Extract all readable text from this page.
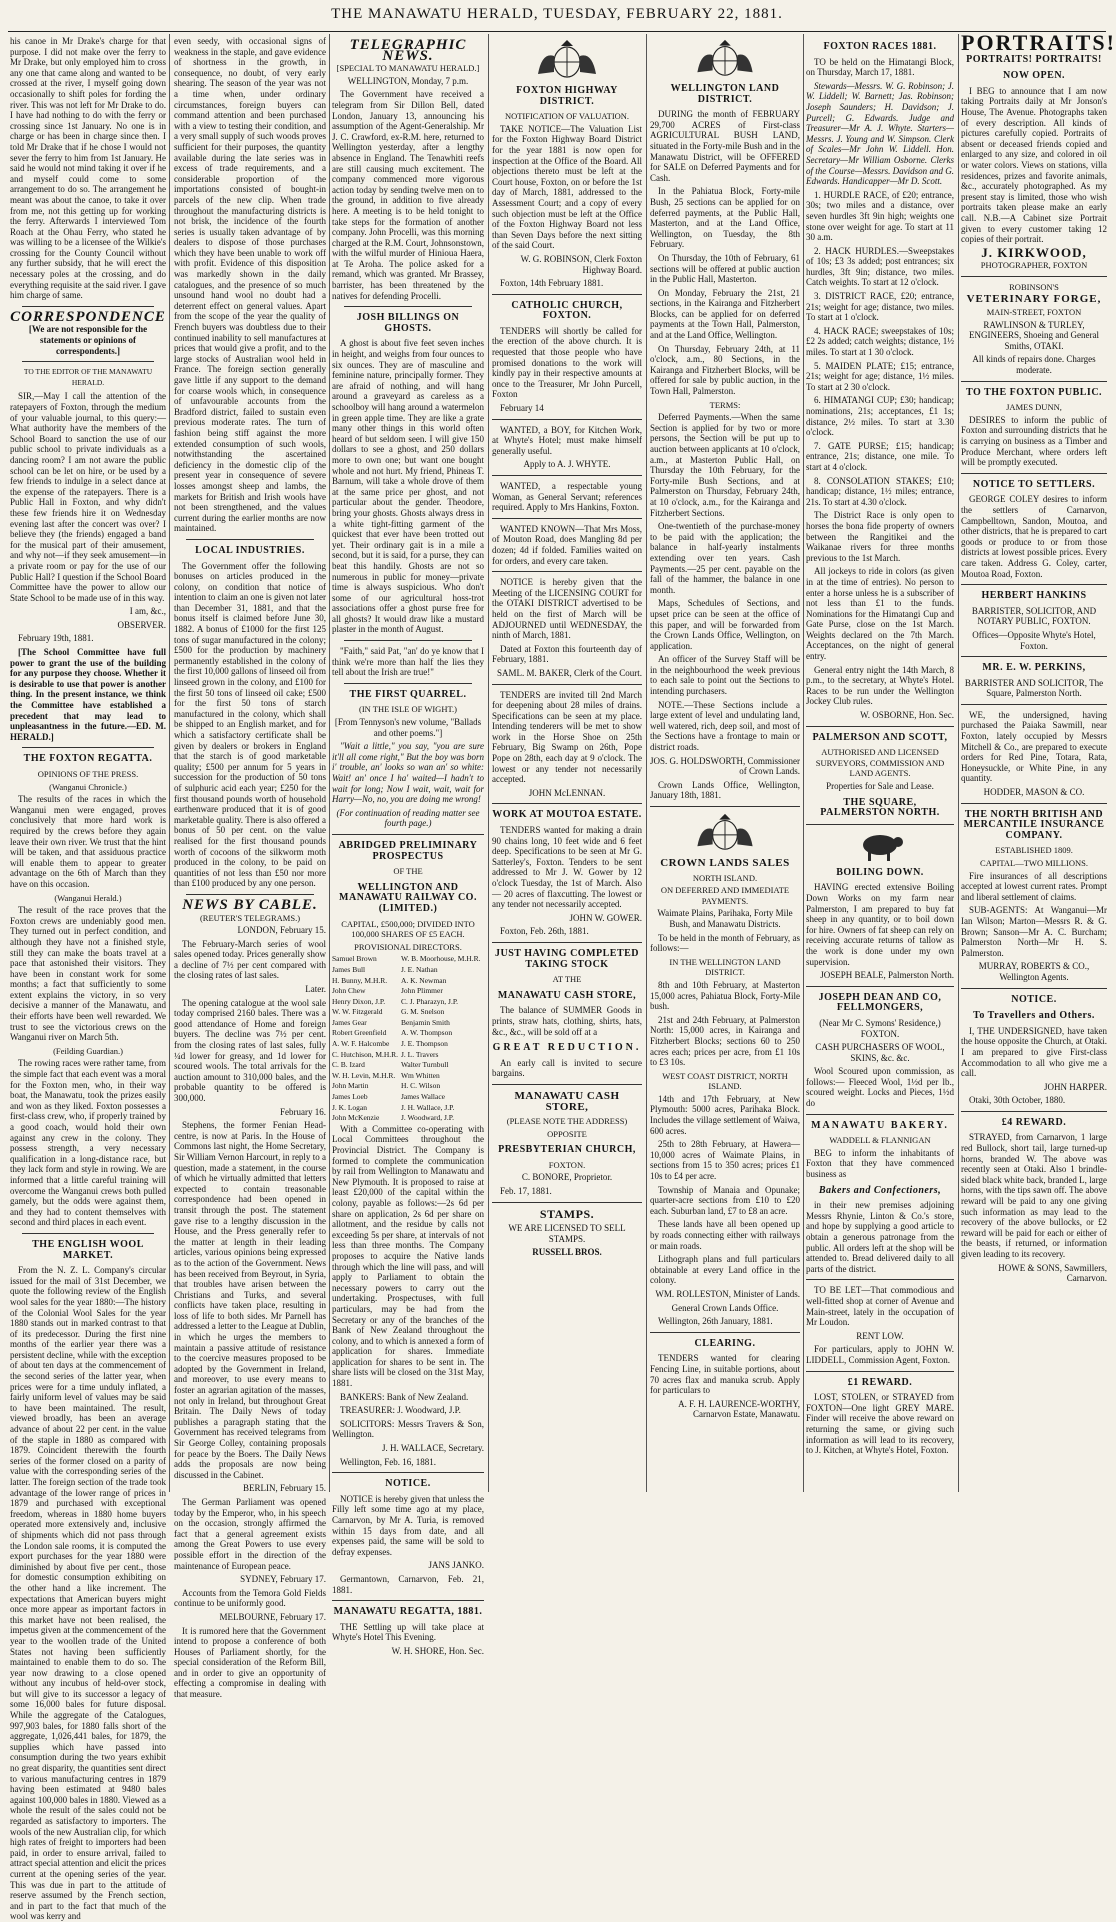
THE MANAWATU HERALD, TUESDAY, FEBRUARY 22, 1881.

his canoe in Mr Drake's charge for that purpose. I did not make over the ferry to Mr Drake, but only employed him to cross any one that came along and wanted to be crossed at the river, I myself going down occasionally to shift poles for fording the river. This was not left for Mr Drake to do. I have had nothing to do with the ferry or crossing since 1st January. No one is in charge or has been in charge since then. I told Mr Drake that if he chose I would not sever the ferry to him from 1st January. He said he would not mind taking it over if he and myself could come to some arrangement to do so. The arrangement he meant was about the canoe, to take it over from me, not this getting up for working the ferry. Afterwards I interviewed Tom Roach at the Ohau Ferry, who stated he was willing to be a licensee of the Wilkie's crossing for the County Council without any further subsidy, that he will erect the necessary poles at the crossing, and do everything requisite at the said river. I gave him charge of same.

CORRESPONDENCE

[We are not responsible for the statements or opinions of correspondents.]

TO THE EDITOR OF THE MANAWATU HERALD.

SIR,—May I call the attention of the ratepayers of Foxton, through the medium of your valuable journal, to this query:—What authority have the members of the School Board to sanction the use of our public school to private individuals as a dancing room? I am not aware the public school can be let on hire, or be used by a few friends to indulge in a select dance at the expense of the ratepayers. There is a Public Hall in Foxton, and why didn't these few friends hire it on Wednesday evening last after the concert was over? I believe they (the friends) engaged a band for the musical part of their amusement, and why not—if they seek amusement—in a private room or pay for the use of our Public Hall? I question if the School Board Committee have the power to allow our State School to be made use of in this way.

I am, &c.,

OBSERVER.

February 19th, 1881.

[The School Committee have full power to grant the use of the building for any purpose they choose. Whether it is desirable to use that power is another thing. In the present instance, we think the Committee have established a precedent that may lead to unpleasantness in the future.—ED. M. HERALD.]

THE FOXTON REGATTA.
OPINIONS OF THE PRESS.
(Wanganui Chronicle.)

The results of the races in which the Wanganui men were engaged, proves conclusively that more hard work is required by the crews before they again leave their own river. We trust that the hint will be taken, and that assiduous practice will enable them to appear to greater advantage on the 6th of March than they have on this occasion.

(Wanganui Herald.)

The result of the race proves that the Foxton crews are undeniably good men. They turned out in perfect condition, and although they have not a finished style, still they can make the boats travel at a pace that astonished their visitors. They have been in constant work for some months; a fact that sufficiently to some extent explains the victory, in so very decisive a manner of the Manawatu, and their efforts have been well rewarded. We trust to see the victorious crews on the Wanganui river on March 5th.

(Feilding Guardian.)

The rowing races were rather tame, from the simple fact that each event was a moral for the Foxton men, who, in their way boat, the Manawatu, took the prizes easily and won as they liked. Foxton possesses a first-class crew, who, if properly trained by a good coach, would hold their own against any crew in the colony. They possess strength, a very necessary qualification in a long-distance race, but they lack form and style in rowing. We are informed that a little careful training will overcome the Wanganui crews both pulled gamely, but the odds were against them, and they had to content themselves with second and third places in each event.

THE ENGLISH WOOL MARKET.

From the N. Z. L. Company's circular issued for the mail of 31st December, we quote the following review of the English wool sales for the year 1880:—The history of the Colonial Wool Sales for the year 1880 stands out in marked contrast to that of its predecessor. During the first nine months of the earlier year there was a persistent decline, while with the exception of about ten days at the commencement of the second series of the latter year, when prices were for a time unduly inflated, a fairly uniform level of values may be said to have been maintained. The result, viewed broadly, has been an average advance of about 22 per cent. in the value of the staple in 1880 as compared with 1879. Coincident therewith the fourth series of the former closed on a parity of value with the corresponding series of the latter. The foreign section of the trade took advantage of the lower range of prices in 1879 and purchased with exceptional freedom, whereas in 1880 home buyers operated more extensively and, inclusive of shipments which did not pass through the London sale rooms, it is computed the export purchases for the year 1880 were diminished by about five per cent., those for domestic consumption exhibiting on the other hand a like increment. The expectations that American buyers might once more appear as important factors in this market have not been realised, the impetus given at the commencement of the year to the woollen trade of the United States not having been sufficiently maintained to enable them to do so. The year now drawing to a close opened without any incubus of held-over stock, but will give to its successor a legacy of some 16,000 bales for future disposal. While the aggregate of the Catalogues, 997,903 bales, for 1880 falls short of the aggregate, 1,026,441 bales, for 1879, the supplies which have passed into consumption during the two years exhibit no great disparity, the quantities sent direct to various manufacturing centres in 1879 having been estimated at 9480 bales against 100,000 bales in 1880. Viewed as a whole the result of the sales could not be regarded as satisfactory to importers. The wools of the new Australian clip, for which high rates of freight to importers had been paid, in order to ensure arrival, failed to attract special attention and elicit the prices current at the opening series of the year. This was due in part to the attitude of reserve assumed by the French section, and in part to the fact that much of the wool was kerry and

even seedy, with occasional signs of weakness in the staple, and gave evidence of shortness in the growth, in consequence, no doubt, of very early shearing. The season of the year was not a time when, under ordinary circumstances, foreign buyers can command attention and been purchased with a view to testing their condition, and a very small supply of such woods proves sufficient for their purposes, the quantity available during the late series was in excess of trade requirements, and a considerable proportion of the importations consisted of bought-in parcels of the new clip. When trade throughout the manufacturing districts is not brisk, the incidence of the fourth series is usually taken advantage of by dealers to dispose of those purchases which they have been unable to work off with profit. Evidence of this disposition was markedly shown in the daily catalogues, and the presence of so much unsound hand wool no doubt had a deterrent effect on general values. Apart from the scope of the year the quality of French buyers was doubtless due to their continued inability to sell manufactures at prices that would give a profit, and to the large stocks of Australian wool held in France. The foreign section generally gave little if any support to the demand for coarse wools which, in consequence of unfavourable accounts from the Bradford district, failed to sustain even previous moderate rates. The turn of fashion being stiff against the more extended consumption of such wools, notwithstanding the ascertained deficiency in the domestic clip of the present year in consequence of severe losses amongst sheep and lambs, the markets for British and Irish wools have not been strengthened, and the values current during the earlier months are now maintained.

LOCAL INDUSTRIES.

The Government offer the following bonuses on articles produced in the colony, on condition that notice of intention to claim an one is given not later than December 31, 1881, and that the bonus itself is claimed before June 30, 1882. A bonus of £1000 for the first 125 tons of sugar manufactured in the colony; £500 for the production by machinery permanently established in the colony of the first 10,000 gallons of linseed oil from linseed grown in the colony, and £100 for the first 50 tons of linseed oil cake; £500 for the first 50 tons of starch manufactured in the colony, which shall be shipped to an English market, and for which a satisfactory certificate shall be given by dealers or brokers in England that the starch is of good marketable quality; £500 per annum for 5 years in succession for the production of 50 tons of sulphuric acid each year; £250 for the first thousand pounds worth of household earthenware produced that it is of good marketable quality. There is also offered a bonus of 50 per cent. on the value realised for the first thousand pounds worth of cocoons of the silkworm moth produced in the colony, to be paid on quantities of not less than £50 nor more than £100 produced by any one person.

NEWS BY CABLE.
(REUTER'S TELEGRAMS.)

LONDON, February 15.

The February-March series of wool sales opened today. Prices generally show a decline of 7½ per cent compared with the closing rates of last sales.

Later.

The opening catalogue at the wool sale today comprised 2160 bales. There was a good attendance of Home and foreign buyers. The decline was 7½ per cent. from the closing rates of last sales, fully ¼d lower for greasy, and 1d lower for scoured wools. The total arrivals for the auction amount to 310,000 bales, and the probable quantity to be offered is 300,000.

February 16.

Stephens, the former Fenian Head-centre, is now at Paris. In the House of Commons last night, the Home Secretary, Sir William Vernon Harcourt, in reply to a question, made a statement, in the course of which he virtually admitted that letters expected to contain treasonable correspondence had been opened in transit through the post. The statement gave rise to a lengthy discussion in the House, and the Press generally refer to the matter at length in their leading articles, various opinions being expressed as to the action of the Government. News has been received from Beyrout, in Syria, that troubles have arisen between the Christians and Turks, and several conflicts have taken place, resulting in loss of life to both sides. Mr Parnell has addressed a letter to the League at Dublin, in which he urges the members to maintain a passive attitude of resistance to the coercive measures proposed to be adopted by the Government in Ireland, and moreover, to use every means to foster an agrarian agitation of the masses, not only in Ireland, but throughout Great Britain. The Daily News of today publishes a paragraph stating that the Government has received telegrams from Sir George Colley, containing proposals for peace by the Boers. The Daily News adds the proposals are now being discussed in the Cabinet.

BERLIN, February 15.

The German Parliament was opened today by the Emperor, who, in his speech on the occasion, strongly affirmed the fact that a general agreement exists among the Great Powers to use every possible effort in the direction of the maintenance of European peace.

SYDNEY, February 17.

Accounts from the Temora Gold Fields continue to be uniformly good.

MELBOURNE, February 17.

It is rumored here that the Government intend to propose a conference of both Houses of Parliament shortly, for the special consideration of the Reform Bill, and in order to give an opportunity of effecting a compromise in dealing with that measure.

TELEGRAPHIC NEWS.
[SPECIAL TO MANAWATU HERALD.]

WELLINGTON, Monday, 7 p.m.

The Government have received a telegram from Sir Dillon Bell, dated London, January 13, announcing his assumption of the Agent-Generalship. Mr J. C. Crawford, ex-R.M. here, returned to Wellington yesterday, after a lengthy absence in England. The Tenawhiti reefs are still causing much excitement. The company commenced more vigorous action today by sending twelve men on to the ground, in addition to five already here. A meeting is to be held tonight to take steps for the formation of another company. John Procelli, was this morning charged at the R.M. Court, Johnsonstown, with the wilful murder of Hinioua Haera, at Te Aroha. The police asked for a remand, which was granted. Mr Brassey, barrister, has been threatened by the natives for defending Procelli.

JOSH BILLINGS ON GHOSTS.

A ghost is about five feet seven inches in height, and weighs from four ounces to six ounces. They are of masculine and feminine nature, principally former. They are afraid of nothing, and will hang around a graveyard as careless as a schoolboy will hang around a watermelon in green apple time. They are like a grate many other things in this world often heard of but seldom seen. I will give 150 dollars to see a ghost, and 250 dollars more to own one; but want one bought whole and not hurt. My friend, Phineas T. Barnum, will take a whole drove of them at the same price per ghost, and not particular about the gender. Theodore, bring your ghosts. Ghosts always dress in a white tight-fitting garment of the quickest that ever have been trotted out yet. Their ordinary gait is in a mile a second, but it is said, for a purse, they can beat this handily. Ghosts are not so numerous in public for money—private time is always suspicious. Who don't some of our agricultural hoss-trot associations offer a ghost purse free for all ghosts? It would draw like a mustard plaster in the month of August.

"Faith," said Pat, "an' do ye know that I think we're more than half the lies they tell about the Irish are true!"

THE FIRST QUARREL.
(IN THE ISLE OF WIGHT.)

[From Tennyson's new volume, "Ballads and other poems."]

"Wait a little," you say, "you are sure it'll all come right," But the boy was born i' trouble, an' looks so wan an' so white: Wait! an' once I ha' waited—I hadn't to wait for long; Now I wait, wait, wait for Harry—No, no, you are doing me wrong!

(For continuation of reading matter see fourth page.)

ABRIDGED PRELIMINARY PROSPECTUS
OF THE
WELLINGTON AND MANAWATU RAILWAY CO. (LIMITED.)
CAPITAL, £500,000; DIVIDED INTO 100,000 SHARES OF £5 EACH.
PROVISIONAL DIRECTORS.
Samuel Brown	W. B. Moorhouse, M.H.R.
James Bull	J. E. Nathan
H. Bunny, M.H.R.	A. K. Newman
John Chew	John Plimmer
Henry Dixon, J.P.	C. J. Pharazyn, J.P.
W. W. Fitzgerald	G. M. Snelson
James Gear	Benjamin Smith
Robert Greenfield	A. W. Thompson
A. W. F. Halcombe	J. E. Thompson
C. Hutchison, M.H.R.	J. L. Travers
C. B. Izard	Walter Turnbull
W. H. Levin, M.H.R.	Wm Whitten
John Martin	H. C. Wilson
James Loeb	James Wallace
J. K. Logan	J. H. Wallace, J.P.
John McKenzie	J. Woodward, J.P.

With a Committee co-operating with Local Committees throughout the Provincial District. The Company is formed to complete the communication by rail from Wellington to Manawatu and New Plymouth. It is proposed to raise at least £20,000 of the capital within the colony, payable as follows:—2s 6d per share on application, 2s 6d per share on allotment, and the residue by calls not exceeding 5s per share, at intervals of not less than three months. The Company proposes to acquire the Native lands through which the line will pass, and will apply to Parliament to obtain the necessary powers to carry out the undertaking. Prospectuses, with full particulars, may be had from the Secretary or any of the branches of the Bank of New Zealand throughout the colony, and to which is annexed a form of application for shares. Immediate application for shares to be sent in. The share lists will be closed on the 31st May, 1881.

BANKERS: Bank of New Zealand.

TREASURER: J. Woodward, J.P.

SOLICITORS: Messrs Travers & Son, Wellington.

J. H. WALLACE, Secretary.

Wellington, Feb. 16, 1881.

NOTICE.

NOTICE is hereby given that unless the Filly left some time ago at my place, Carnarvon, by Mr A. Turia, is removed within 15 days from date, and all expenses paid, the same will be sold to defray expenses.

JANS JANKO.

Germantown, Carnarvon, Feb. 21, 1881.

MANAWATU REGATTA, 1881.

THE Settling up will take place at Whyte's Hotel This Evening.

W. H. SHORE, Hon. Sec.

FOXTON HIGHWAY DISTRICT.
NOTIFICATION OF VALUATION.

TAKE NOTICE—The Valuation List for the Foxton Highway Board District for the year 1881 is now open for inspection at the Office of the Board. All objections thereto must be left at the Court house, Foxton, on or before the 1st day of March, 1881, addressed to the Assessment Court; and a copy of every such objection must be left at the Office of the Foxton Highway Board not less than Seven Days before the next sitting of the said Court.

W. G. ROBINSON, Clerk Foxton Highway Board.

Foxton, 14th February 1881.

CATHOLIC CHURCH, FOXTON.

TENDERS will shortly be called for the erection of the above church. It is requested that those people who have promised donations to the work will kindly pay in their respective amounts at once to the Treasurer, Mr John Purcell, Foxton

February 14

WANTED, a BOY, for Kitchen Work, at Whyte's Hotel; must make himself generally useful.

Apply to A. J. WHYTE.

WANTED, a respectable young Woman, as General Servant; references required. Apply to Mrs Hankins, Foxton.

WANTED KNOWN—That Mrs Moss, of Mouton Road, does Mangling 8d per dozen; 4d if folded. Families waited on for orders, and every care taken.

NOTICE is hereby given that the Meeting of the LICENSING COURT for the OTAKI DISTRICT advertised to be held on the first of March will be ADJOURNED until WEDNESDAY, the ninth of March, 1881.

Dated at Foxton this fourteenth day of February, 1881.

SAML. M. BAKER, Clerk of the Court.

TENDERS are invited till 2nd March for deepening about 28 miles of drains. Specifications can be seen at my place. Intending tenderers will be met to show work in the Horse Shoe on 25th February, Big Swamp on 26th, Pope Pope on 28th, each day at 9 o'clock. The lowest or any tender not necessarily accepted.

JOHN McLENNAN.

WORK AT MOUTOA ESTATE.

TENDERS wanted for making a drain 90 chains long, 10 feet wide and 6 feet deep. Specifications to be seen at Mr G. Satterley's, Foxton. Tenders to be sent addressed to Mr J. W. Gower by 12 o'clock Tuesday, the 1st of March. Also— 20 acres of flaxcutting. The lowest or any tender not necessarily accepted.

JOHN W. GOWER.

Foxton, Feb. 26th, 1881.

JUST HAVING COMPLETED TAKING STOCK
AT THE
MANAWATU CASH STORE,

The balance of SUMMER Goods in prints, straw hats, clothing, shirts, hats, &c., &c., will be sold off at a

GREAT REDUCTION.

An early call is invited to secure bargains.

MANAWATU CASH STORE,
(PLEASE NOTE THE ADDRESS)
OPPOSITE
PRESBYTERIAN CHURCH,
FOXTON.

C. BONORE, Proprietor.

Feb. 17, 1881.

STAMPS.

WE ARE LICENSED TO SELL STAMPS.

RUSSELL BROS.

WELLINGTON LAND DISTRICT.

DURING the month of FEBRUARY 29,700 ACRES of First-class AGRICULTURAL BUSH LAND, situated in the Forty-mile Bush and in the Manawatu District, will be OFFERED for SALE on Deferred Payments and for Cash.

In the Pahiatua Block, Forty-mile Bush, 25 sections can be applied for on deferred payments, at the Public Hall, Masterton, and at the Land Office, Wellington, on Tuesday, the 8th February.

On Thursday, the 10th of February, 61 sections will be offered at public auction in the Public Hall, Masterton.

On Monday, February the 21st, 21 sections, in the Kairanga and Fitzherbert Blocks, can be applied for on deferred payments at the Town Hall, Palmerston, and at the Land Office, Wellington.

On Thursday, February 24th, at 11 o'clock, a.m., 80 Sections, in the Kairanga and Fitzherbert Blocks, will be offered for sale by public auction, in the Town Hall, Palmerston.

TERMS:

Deferred Payments.—When the same Section is applied for by two or more persons, the Section will be put up to auction between applicants at 10 o'clock, a.m., at Masterton Public Hall, on Thursday the 10th February, for the Forty-mile Bush Sections, and at Palmerston on Thursday, February 24th, at 10 o'clock, a.m., for the Kairanga and Fitzherbert Sections.

One-twentieth of the purchase-money to be paid with the application; the balance in half-yearly instalments extending over ten years. Cash Payments.—25 per cent. payable on the fall of the hammer, the balance in one month.

Maps, Schedules of Sections, and upset price can be seen at the office of this paper, and will be forwarded from the Crown Lands Office, Wellington, on application.

An officer of the Survey Staff will be in the neighbourhood the week previous to each sale to point out the Sections to intending purchasers.

NOTE.—These Sections include a large extent of level and undulating land, well watered, rich, deep soil, and most of the Sections have a frontage to main or district roads.

JOS. G. HOLDSWORTH, Commissioner of Crown Lands.

Crown Lands Office, Wellington, January 18th, 1881.

CROWN LANDS SALES
NORTH ISLAND.
ON DEFERRED AND IMMEDIATE PAYMENTS.

Waimate Plains, Parihaka, Forty Mile Bush, and Manawatu Districts.

To be held in the month of February, as follows:—

IN THE WELLINGTON LAND DISTRICT.

8th and 10th February, at Masterton 15,000 acres, Pahiatua Block, Forty-Mile bush.

21st and 24th February, at Palmerston North: 15,000 acres, in Kairanga and Fitzherbert Blocks; sections 60 to 250 acres each; prices per acre, from £1 10s to £3 10s.

WEST COAST DISTRICT, NORTH ISLAND.

14th and 17th February, at New Plymouth: 5000 acres, Parihaka Block. Includes the village settlement of Waiwa, 600 acres.

25th to 28th February, at Hawera—10,000 acres of Waimate Plains, in sections from 15 to 350 acres; prices £1 10s to £4 per acre.

Township of Manaia and Opunake; quarter-acre sections from £10 to £20 each. Suburban land, £7 to £8 an acre.

These lands have all been opened up by roads connecting either with railways or main roads.

Lithograph plans and full particulars obtainable at every Land office in the colony.

WM. ROLLESTON, Minister of Lands.

General Crown Lands Office.

Wellington, 26th January, 1881.

CLEARING.

TENDERS wanted for clearing Fencing Line, in suitable portions, about 70 acres flax and manuka scrub. Apply for particulars to

A. F. H. LAURENCE-WORTHY, Carnarvon Estate, Manawatu.

FOXTON RACES 1881.

TO be held on the Himatangi Block, on Thursday, March 17, 1881.

Stewards—Messrs. W. G. Robinson; J. W. Liddell; W. Barnett; Jas. Robinson; Joseph Saunders; H. Davidson; J. Purcell; G. Edwards. Judge and Treasurer—Mr A. J. Whyte. Starters—Messrs. J. Young and W. Simpson. Clerk of Scales—Mr John W. Liddell. Hon. Secretary—Mr William Osborne. Clerks of the Course—Messrs. Davidson and G. Edwards. Handicapper—Mr D. Scott.

1. HURDLE RACE, of £20; entrance, 30s; two miles and a distance, over seven hurdles 3ft 9in high; weights one stone over weight for age. To start at 11 30 a.m.

2. HACK HURDLES.—Sweepstakes of 10s; £3 3s added; post entrances; six hurdles, 3ft 9in; distance, two miles. Catch weights. To start at 12 o'clock.

3. DISTRICT RACE, £20; entrance, 21s; weight for age; distance, two miles. To start at 1 o'clock.

4. HACK RACE; sweepstakes of 10s; £2 2s added; catch weights; distance, 1½ miles. To start at 1 30 o'clock.

5. MAIDEN PLATE; £15; entrance, 21s; weight for age; distance, 1½ miles. To start at 2 30 o'clock.

6. HIMATANGI CUP; £30; handicap; nominations, 21s; acceptances, £1 1s; distance, 2½ miles. To start at 3.30 o'clock.

7. GATE PURSE; £15; handicap; entrance, 21s; distance, one mile. To start at 4 o'clock.

8. CONSOLATION STAKES; £10; handicap; distance, 1½ miles; entrance, 21s. To start at 4.30 o'clock.

The District Race is only open to horses the bona fide property of owners between the Rangitikei and the Waikanae rivers for three months previous to the 1st March.

All jockeys to ride in colors (as given in at the time of entries). No person to enter a horse unless he is a subscriber of not less than £1 to the funds. Nominations for the Himatangi Cup and Gate Purse, close on the 1st March. Weights declared on the 7th March. Acceptances, on the night of general entry.

General entry night the 14th March, 8 p.m., to the secretary, at Whyte's Hotel. Races to be run under the Wellington Jockey Club rules.

W. OSBORNE, Hon. Sec.

PALMERSON AND SCOTT,
AUTHORISED AND LICENSED SURVEYORS, COMMISSION AND LAND AGENTS.

Properties for Sale and Lease.

THE SQUARE, PALMERSTON NORTH.
BOILING DOWN.

HAVING erected extensive Boiling Down Works on my farm near Palmerston, I am prepared to buy fat sheep in any quantity, or to boil down for hire. Owners of fat sheep can rely on receiving accurate returns of tallow as the work is done under my own supervision.

JOSEPH BEALE, Palmerston North.

JOSEPH DEAN AND CO, FELLMONGERS,

(Near Mr C. Symons' Residence,) FOXTON.

CASH PURCHASERS OF WOOL, SKINS, &c. &c.

Wool Scoured upon commission, as follows:— Fleeced Wool, 1½d per lb., scoured weight. Locks and Pieces, 1½d do

MANAWATU BAKERY.
WADDELL & FLANNIGAN

BEG to inform the inhabitants of Foxton that they have commenced business as

Bakers and Confectioners,

in their new premises adjoining Messrs Rhynie, Linton & Co.'s store, and hope by supplying a good article to obtain a generous patronage from the public. All orders left at the shop will be attended to. Bread delivered daily to all parts of the district.

TO BE LET—That commodious and well-fitted shop at corner of Avenue and Main-street, lately in the occupation of Mr Loudon.

RENT LOW.

For particulars, apply to JOHN W. LIDDELL, Commission Agent, Foxton.

£1 REWARD.

LOST, STOLEN, or STRAYED from FOXTON—One light GREY MARE. Finder will receive the above reward on returning the same, or giving such information as will lead to its recovery, to J. Kitchen, at Whyte's Hotel, Foxton.

PORTRAITS!
PORTRAITS! PORTRAITS!
NOW OPEN.

I BEG to announce that I am now taking Portraits daily at Mr Jonson's House, The Avenue. Photographs taken of every description. All kinds of pictures carefully copied. Portraits of absent or deceased friends copied and enlarged to any size, and colored in oil or water colors. Views on stations, villa residences, prizes and favorite animals, &c., accurately photographed. As my present stay is limited, those who wish portraits taken please make an early call. N.B.—A Cabinet size Portrait given to every customer taking 12 copies of their portrait.

J. KIRKWOOD,
PHOTOGRAPHER, FOXTON
ROBINSON'S
VETERINARY FORGE,
MAIN-STREET, FOXTON

RAWLINSON & TURLEY, ENGINEERS, Shoeing and General Smiths, OTAKI.

All kinds of repairs done. Charges moderate.

TO THE FOXTON PUBLIC.
JAMES DUNN,

DESIRES to inform the public of Foxton and surrounding districts that he is carrying on business as a Timber and Produce Merchant, where orders left will be promptly executed.

NOTICE TO SETTLERS.

GEORGE COLEY desires to inform the settlers of Carnarvon, Campbelltown, Sandon, Moutoa, and other districts, that he is prepared to cart goods or produce to or from those districts at lowest possible prices. Every care taken. Address G. Coley, carter, Moutoa Road, Foxton.

HERBERT HANKINS

BARRISTER, SOLICITOR, AND NOTARY PUBLIC, FOXTON.

Offices—Opposite Whyte's Hotel, Foxton.

MR. E. W. PERKINS,

BARRISTER AND SOLICITOR, The Square, Palmerston North.

WE, the undersigned, having purchased the Paiaka Sawmill, near Foxton, lately occupied by Messrs Mitchell & Co., are prepared to execute orders for Red Pine, Totara, Rata, Honeysuckle, or White Pine, in any quantity.

HODDER, MASON & CO.

THE NORTH BRITISH AND MERCANTILE INSURANCE COMPANY.
ESTABLISHED 1809.
CAPITAL—TWO MILLIONS.

Fire insurances of all descriptions accepted at lowest current rates. Prompt and liberal settlement of claims.

SUB-AGENTS: At Wanganui—Mr Ian Wilson; Marton—Messrs R. & G. Brown; Sanson—Mr A. C. Burcham; Palmerston North—Mr H. S. Palmerston.

MURRAY, ROBERTS & CO., Wellington Agents.

NOTICE.
To Travellers and Others.

I, THE UNDERSIGNED, have taken the house opposite the Church, at Otaki. I am prepared to give First-class Accommodation to all who give me a call.

JOHN HARPER.

Otaki, 30th October, 1880.

£4 REWARD.

STRAYED, from Carnarvon, 1 large red Bullock, short tail, large turned-up horns, branded W. The above was recently seen at Otaki. Also 1 brindle-sided black white back, branded L, large horns, with the tips sawn off. The above reward will be paid to any one giving such information as may lead to the recovery of the above bullocks, or £2 reward will be paid for each or either of the beasts, if returned, or information given leading to its recovery.

HOWE & SONS, Sawmillers, Carnarvon.
